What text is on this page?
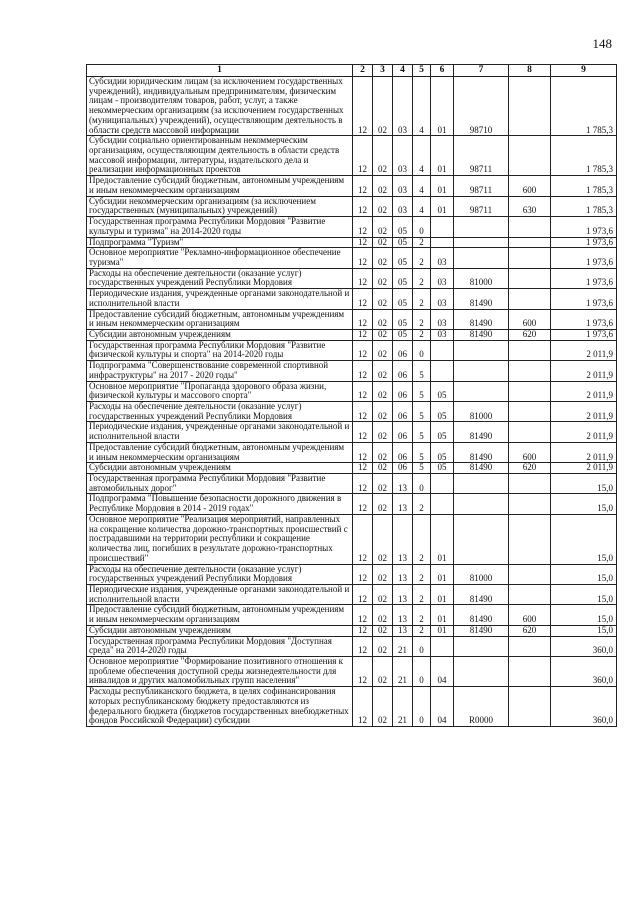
148
1	2	3	4	5	6	7	8	9
Субсидии юридическим лицам (за исключением государственных учреждений), индивидуальным предпринимателям, физическим лицам - производителям товаров, работ, услуг, а также некоммерческим организациям (за исключением государственных (муниципальных) учреждений), осуществляющим деятельность в области средств массовой информации	12	02	03	4	01	98710		1 785,3
Субсидии социально ориентированным некоммерческим организациям, осуществляющим деятельность в области средств массовой информации, литературы, издательского дела и реализации информационных проектов	12	02	03	4	01	98711		1 785,3
Предоставление субсидий бюджетным, автономным учреждениям и иным некоммерческим организациям	12	02	03	4	01	98711	600	1 785,3
Субсидии некоммерческим организациям (за исключением государственных (муниципальных) учреждений)	12	02	03	4	01	98711	630	1 785,3
Государственная программа Республики Мордовия "Развитие культуры и туризма" на 2014-2020 годы	12	02	05	0				1 973,6
Подпрограмма "Туризм"	12	02	05	2				1 973,6
Основное мероприятие "Рекламно-информационное обеспечение туризма"	12	02	05	2	03			1 973,6
Расходы на обеспечение деятельности (оказание услуг) государственных учреждений Республики Мордовия	12	02	05	2	03	81000		1 973,6
Периодические издания, учрежденные органами законодательной и исполнительной власти	12	02	05	2	03	81490		1 973,6
Предоставление субсидий бюджетным, автономным учреждениям и иным некоммерческим организациям	12	02	05	2	03	81490	600	1 973,6
Субсидии автономным учреждениям	12	02	05	2	03	81490	620	1 973,6
Государственная программа Республики Мордовия "Развитие физической культуры и спорта" на 2014-2020 годы	12	02	06	0				2 011,9
Подпрограмма "Совершенствование современной спортивной инфраструктуры" на 2017 - 2020 годы"	12	02	06	5				2 011,9
Основное мероприятие "Пропаганда здорового образа жизни, физической культуры и массового спорта"	12	02	06	5	05			2 011,9
Расходы на обеспечение деятельности (оказание услуг) государственных учреждений Республики Мордовия	12	02	06	5	05	81000		2 011,9
Периодические издания, учрежденные органами законодательной и исполнительной власти	12	02	06	5	05	81490		2 011,9
Предоставление субсидий бюджетным, автономным учреждениям и иным некоммерческим организациям	12	02	06	5	05	81490	600	2 011,9
Субсидии автономным учреждениям	12	02	06	5	05	81490	620	2 011,9
Государственная программа Республики Мордовия "Развитие автомобильных дорог"	12	02	13	0				15,0
Подпрограмма "Повышение безопасности дорожного движения в Республике Мордовия в 2014 - 2019 годах"	12	02	13	2				15,0
Основное мероприятие "Реализация мероприятий, направленных на сокращение количества дорожно-транспортных происшествий с пострадавшими на территории республики и сокращение количества лиц, погибших в результате дорожно-транспортных происшествий"	12	02	13	2	01			15,0
Расходы на обеспечение деятельности (оказание услуг) государственных учреждений Республики Мордовия	12	02	13	2	01	81000		15,0
Периодические издания, учрежденные органами законодательной и исполнительной власти	12	02	13	2	01	81490		15,0
Предоставление субсидий бюджетным, автономным учреждениям и иным некоммерческим организациям	12	02	13	2	01	81490	600	15,0
Субсидии автономным учреждениям	12	02	13	2	01	81490	620	15,0
Государственная программа Республики Мордовия "Доступная среда" на 2014-2020 годы	12	02	21	0				360,0
Основное мероприятие "Формирование позитивного отношения к проблеме обеспечения доступной среды жизнедеятельности для инвалидов и других маломобильных групп населения"	12	02	21	0	04			360,0
Расходы республиканского бюджета, в целях софинансирования которых республиканскому бюджету предоставляются из федерального бюджета (бюджетов государственных внебюджетных фондов Российской Федерации) субсидии	12	02	21	0	04	R0000		360,0
